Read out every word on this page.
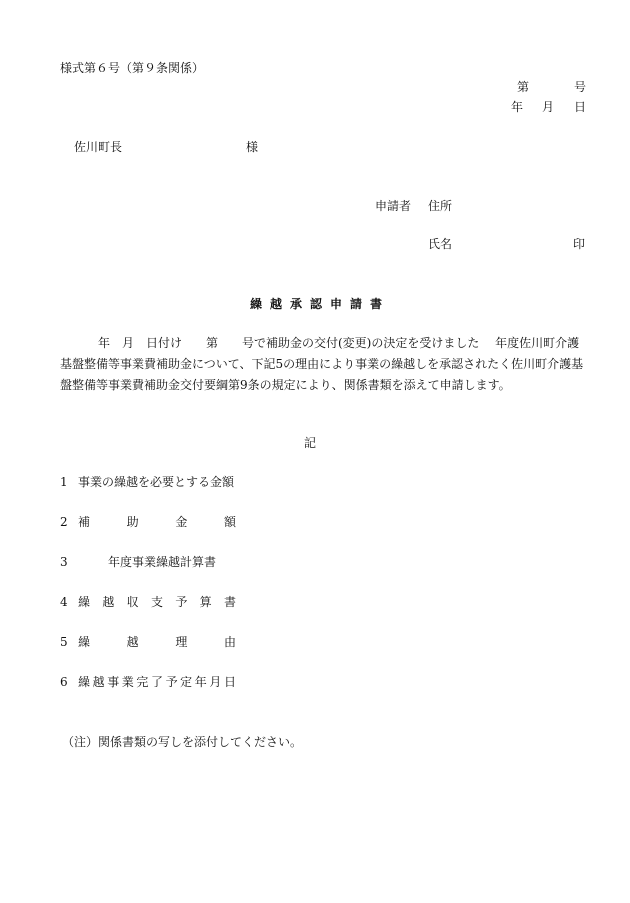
様式第６号（第９条関係）
第	号
年 月 日
佐川町長	様
申請者 住所
氏名	印
繰越承認申請書
年　月　日付け　　第　　号で補助金の交付(変更)の決定を受けました　 年度佐川町介護基盤整備等事業費補助金について、下記5の理由により事業の繰越しを承認されたく佐川町介護基盤整備等事業費補助金交付要綱第9条の規定により、関係書類を添えて申請します。
記
1 事業の繰越を必要とする金額
2 補	助	金	額
3	年度事業繰越計算書
4 繰 越 収 支 予 算 書
5 繰	越	理	由
6 繰 越 事 業 完 了 予 定 年 月 日
（注）関係書類の写しを添付してください。
